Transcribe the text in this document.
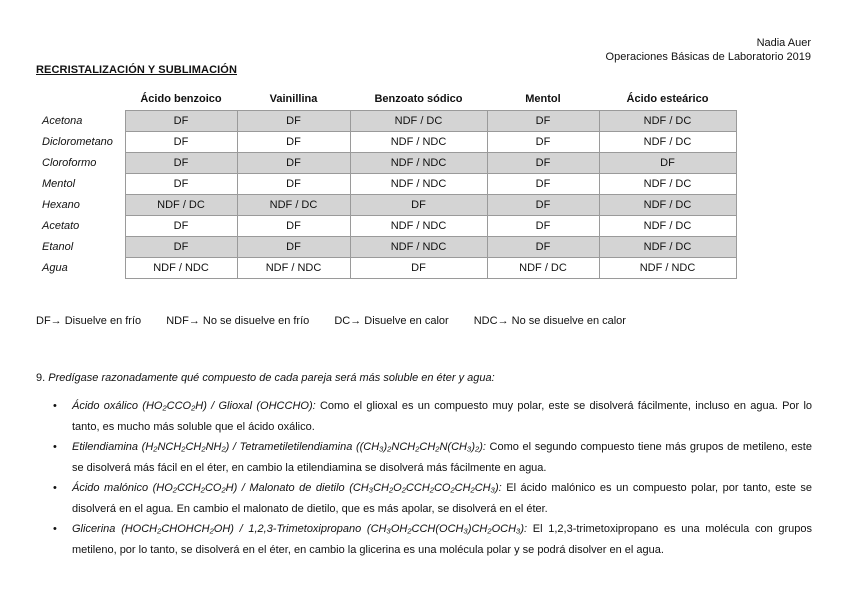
Nadia Auer
Operaciones Básicas de Laboratorio 2019
RECRISTALIZACIÓN Y SUBLIMACIÓN
	Ácido benzoico	Vainillina	Benzoato sódico	Mentol	Ácido esteárico
Acetona	DF	DF	NDF / DC	DF	NDF / DC
Diclorometano	DF	DF	NDF / NDC	DF	NDF / DC
Cloroformo	DF	DF	NDF / NDC	DF	DF
Mentol	DF	DF	NDF / NDC	DF	NDF / DC
Hexano	NDF / DC	NDF / DC	DF	DF	NDF / DC
Acetato	DF	DF	NDF / NDC	DF	NDF / DC
Etanol	DF	DF	NDF / NDC	DF	NDF / DC
Agua	NDF / NDC	NDF / NDC	DF	NDF / DC	NDF / NDC
DF→ Disuelve en frío NDF→ No se disuelve en frío DC→ Disuelve en calor NDC→ No se disuelve en calor
9. Predígase razonadamente qué compuesto de cada pareja será más soluble en éter y agua:
• Ácido oxálico (HO₂CCO₂H) / Glioxal (OHCCHO): Como el glioxal es un compuesto muy polar, este se disolverá fácilmente, incluso en agua. Por lo tanto, es mucho más soluble que el ácido oxálico.
• Etilendiamina (H₂NCH₂CH₂NH₂) / Tetrametiletilendiamina ((CH₃)₂NCH₂CH₂N(CH₃)₂): Como el segundo compuesto tiene más grupos de metileno, este se disolverá más fácil en el éter, en cambio la etilendiamina se disolverá más fácilmente en agua.
• Ácido malónico (HO₂CCH₂CO₂H) / Malonato de dietilo (CH₃CH₂O₂CCH₂CO₂CH₂CH₃): El ácido malónico es un compuesto polar, por tanto, este se disolverá en el agua. En cambio el malonato de dietilo, que es más apolar, se disolverá en el éter.
• Glicerina (HOCH₂CHOHCH₂OH) / 1,2,3-Trimetoxipropano (CH₃OH₂CCH(OCH₃)CH₂OCH₃): El 1,2,3-trimetoxipropano es una molécula con grupos metileno, por lo tanto, se disolverá en el éter, en cambio la glicerina es una molécula polar y se podrá disolver en el agua.
